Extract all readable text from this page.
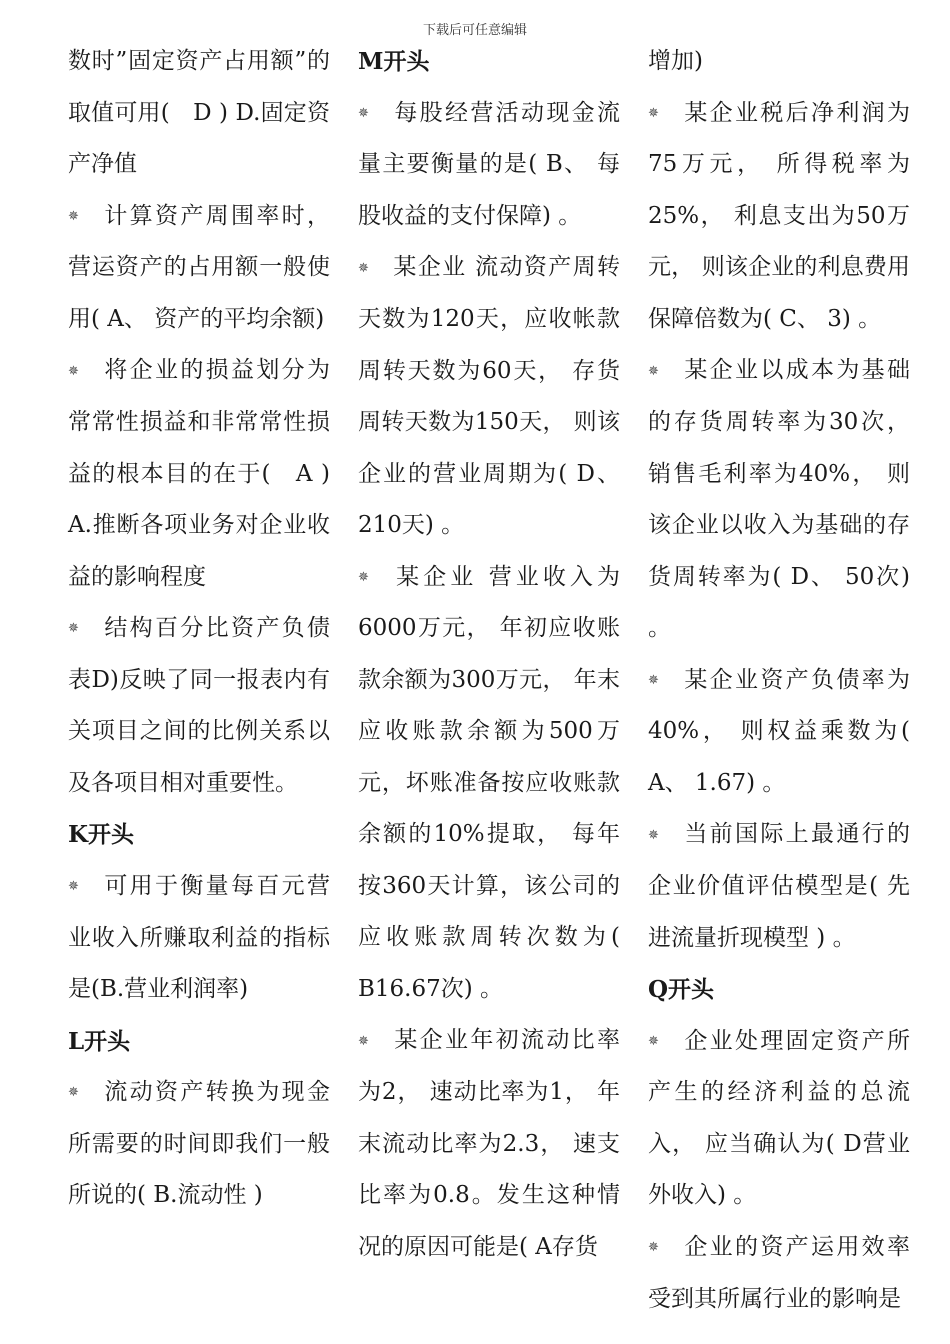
下载后可任意编辑

数时”固定资产占用额”的取值可用(　D ) D.固定资产净值

✵ 计算资产周围率时，营运资产的占用额一般使用( A、 资产的平均余额)

✵ 将企业的损益划分为常常性损益和非常常性损益的根本目的在于(　A ) A.推断各项业务对企业收益的影响程度

✵ 结构百分比资产负债表D)反映了同一报表内有关项目之间的比例关系以及各项目相对重要性。

K开头

✵ 可用于衡量每百元营业收入所赚取利益的指标是(B.营业利润率)

L开头

✵ 流动资产转换为现金所需要的时间即我们一般所说的( B.流动性 )

M开头

✵ 每股经营活动现金流量主要衡量的是( B、 每股收益的支付保障) 。

✵ 某企业 流动资产周转天数为120天，应收帐款周转天数为60天， 存货周转天数为150天， 则该企业的营业周期为( D、 210天) 。

✵ 某企业 营业收入为6000万元， 年初应收账款余额为300万元， 年末应收账款余额为500万元，坏账准备按应收账款余额的10%提取， 每年按360天计算，该公司的应收账款周转次数为( B16.67次) 。

✵ 某企业年初流动比率为2， 速动比率为1， 年末流动比率为2.3， 速支比率为0.8。发生这种情况的原因可能是( A存货

增加)

✵ 某企业税后净利润为75万元， 所得税率为25%， 利息支出为50万元， 则该企业的利息费用保障倍数为( C、 3) 。

✵ 某企业以成本为基础的存货周转率为30次， 销售毛利率为40%， 则该企业以收入为基础的存货周转率为( D、 50次) 。

✵ 某企业资产负债率为40%， 则权益乘数为( A、 1.67) 。

✵ 当前国际上最通行的企业价值评估模型是( 先进流量折现模型 ) 。

Q开头

✵ 企业处理固定资产所产生的经济利益的总流入， 应当确认为( D营业外收入) 。

✵ 企业的资产运用效率受到其所属行业的影响是
